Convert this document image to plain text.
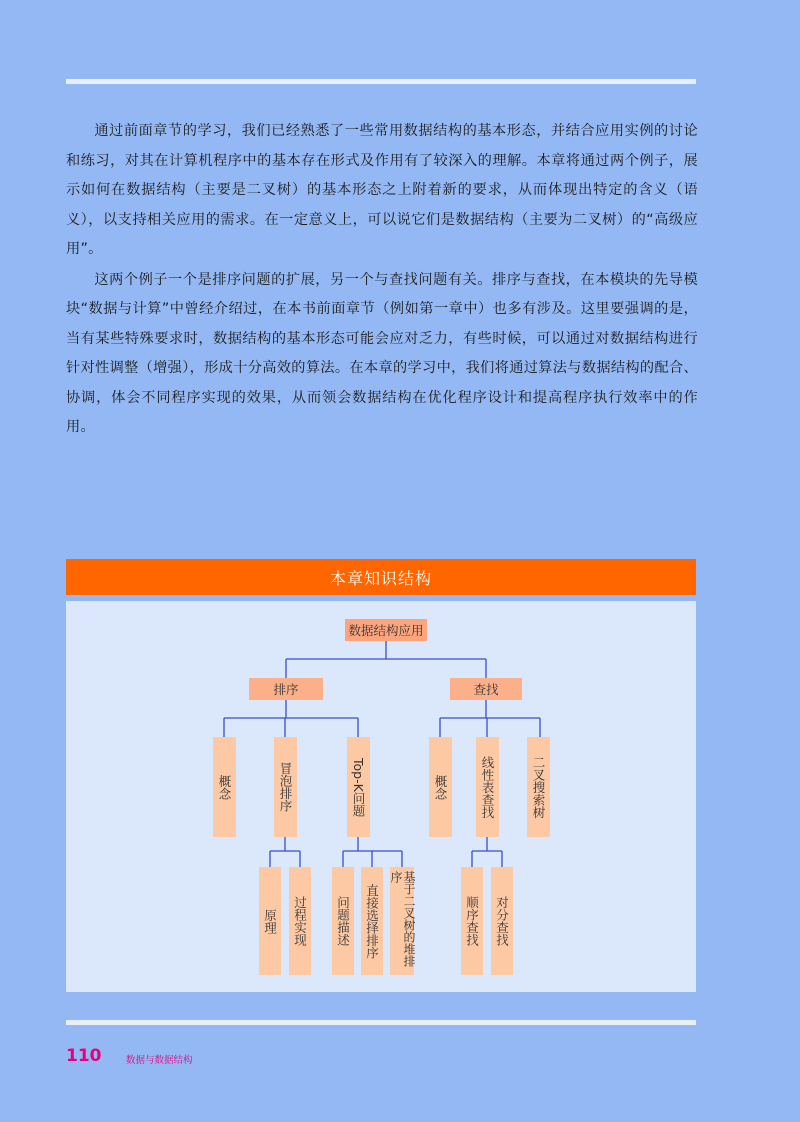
通过前面章节的学习，我们已经熟悉了一些常用数据结构的基本形态，并结合应用实例的讨论和练习，对其在计算机程序中的基本存在形式及作用有了较深入的理解。本章将通过两个例子，展示如何在数据结构（主要是二叉树）的基本形态之上附着新的要求，从而体现出特定的含义（语义），以支持相关应用的需求。在一定意义上，可以说它们是数据结构（主要为二叉树）的“高级应用”。

这两个例子一个是排序问题的扩展，另一个与查找问题有关。排序与查找，在本模块的先导模块“数据与计算”中曾经介绍过，在本书前面章节（例如第一章中）也多有涉及。这里要强调的是，当有某些特殊要求时，数据结构的基本形态可能会应对乏力，有些时候，可以通过对数据结构进行针对性调整（增强），形成十分高效的算法。在本章的学习中，我们将通过算法与数据结构的配合、协调，体会不同程序实现的效果，从而领会数据结构在优化程序设计和提高程序执行效率中的作用。

本章知识结构
数据结构应用
排序	查找
概念	冒泡排序	Top-K问题	概念	线性表查找	二叉搜索树
原理 过程实现 问题描述 直接选择排序	基于二叉树的堆排序
顺序查找 对分查找
110	数据与数据结构
